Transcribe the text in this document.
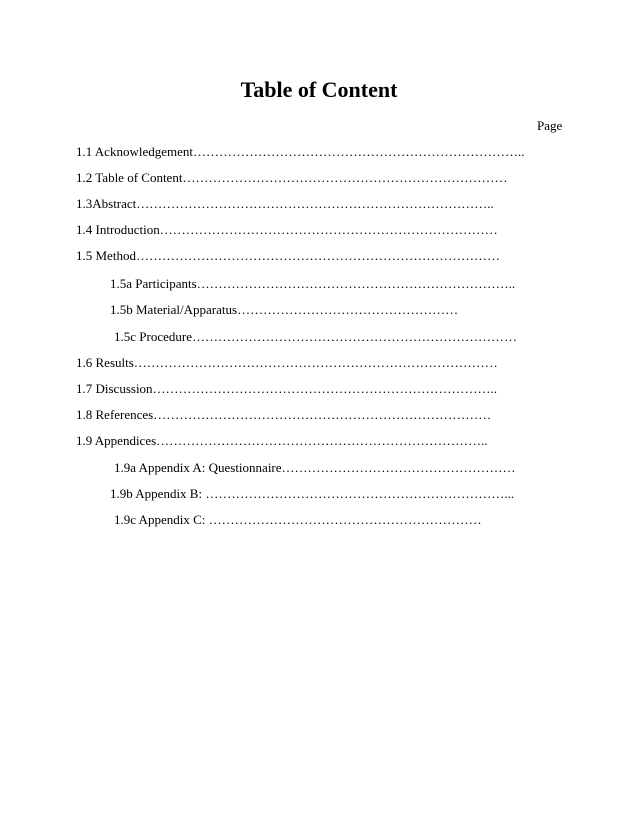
Table of Content
Page
1.1 Acknowledgement…………………………………………………………………..
1.2 Table of Content…………………………………………………………………
1.3Abstract………………………………………………………………………..
1.4 Introduction……………………………………………………………………
1.5 Method…………………………………………………………………………
1.5a Participants………………………………………………………………..
1.5b Material/Apparatus……………………………………………
1.5c Procedure…………………………………………………………………
1.6 Results…………………………………………………………………………
1.7 Discussion……………………………………………………………………..
1.8 References……………………………………………………………………
1.9 Appendices…………………………………………………………………..
1.9a Appendix A: Questionnaire………………………………………………
1.9b Appendix B: ……………………………………………………………...
1.9c Appendix C: ………………………………………………………
